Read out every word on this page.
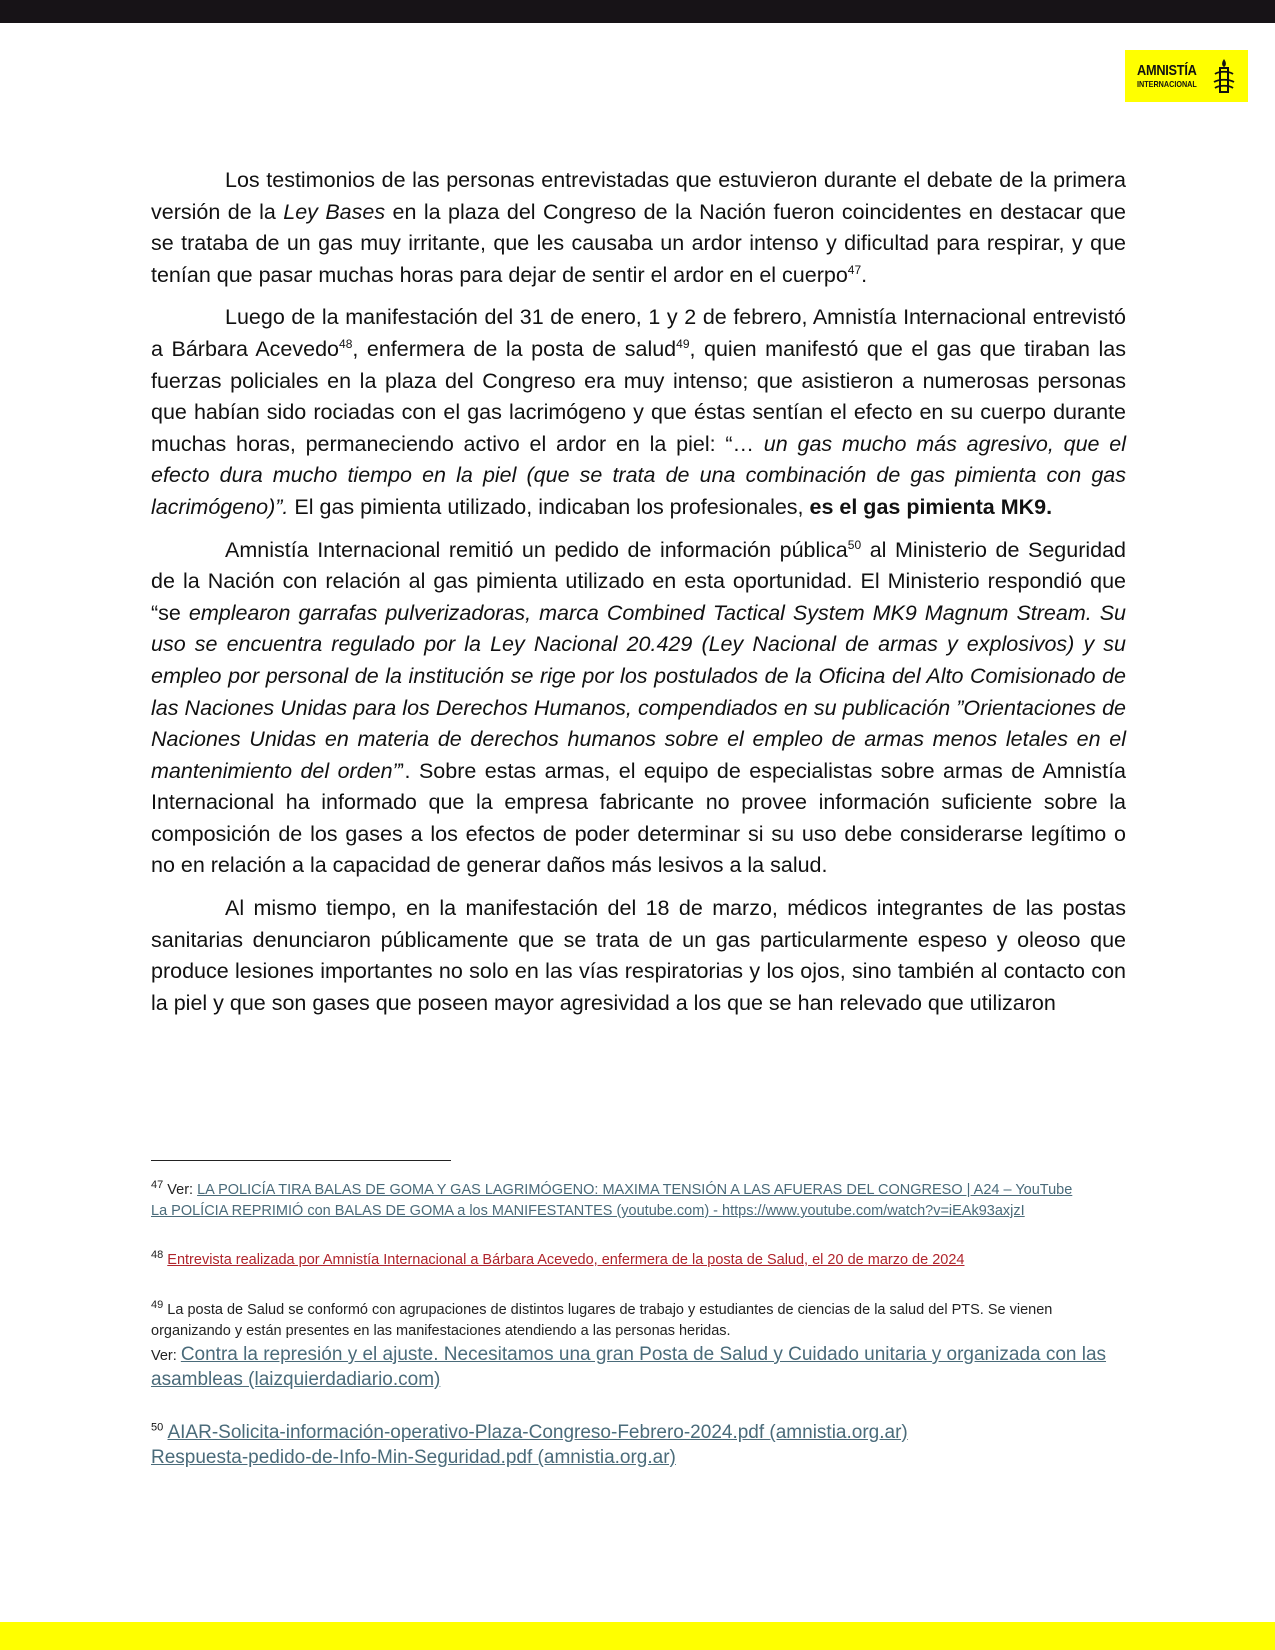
AMNISTÍA
INTERNACIONAL

Los testimonios de las personas entrevistadas que estuvieron durante el debate de la primera versión de la Ley Bases en la plaza del Congreso de la Nación fueron coincidentes en destacar que se trataba de un gas muy irritante, que les causaba un ardor intenso y dificultad para respirar, y que tenían que pasar muchas horas para dejar de sentir el ardor en el cuerpo$^{47}$.

Luego de la manifestación del 31 de enero, 1 y 2 de febrero, Amnistía Internacional entrevistó a Bárbara Acevedo$^{48}$, enfermera de la posta de salud$^{49}$, quien manifestó que el gas que tiraban las fuerzas policiales en la plaza del Congreso era muy intenso; que asistieron a numerosas personas que habían sido rociadas con el gas lacrimógeno y que éstas sentían el efecto en su cuerpo durante muchas horas, permaneciendo activo el ardor en la piel: “… un gas mucho más agresivo, que el efecto dura mucho tiempo en la piel (que se trata de una combinación de gas pimienta con gas lacrimógeno)”. El gas pimienta utilizado, indicaban los profesionales, es el gas pimienta MK9.

Amnistía Internacional remitió un pedido de información pública$^{50}$ al Ministerio de Seguridad de la Nación con relación al gas pimienta utilizado en esta oportunidad. El Ministerio respondió que “se emplearon garrafas pulverizadoras, marca Combined Tactical System MK9 Magnum Stream. Su uso se encuentra regulado por la Ley Nacional 20.429 (Ley Nacional de armas y explosivos) y su empleo por personal de la institución se rige por los postulados de la Oficina del Alto Comisionado de las Naciones Unidas para los Derechos Humanos, compendiados en su publicación ”Orientaciones de Naciones Unidas en materia de derechos humanos sobre el empleo de armas menos letales en el mantenimiento del orden”’. Sobre estas armas, el equipo de especialistas sobre armas de Amnistía Internacional ha informado que la empresa fabricante no provee información suficiente sobre la composición de los gases a los efectos de poder determinar si su uso debe considerarse legítimo o no en relación a la capacidad de generar daños más lesivos a la salud.

Al mismo tiempo, en la manifestación del 18 de marzo, médicos integrantes de las postas sanitarias denunciaron públicamente que se trata de un gas particularmente espeso y oleoso que produce lesiones importantes no solo en las vías respiratorias y los ojos, sino también al contacto con la piel y que son gases que poseen mayor agresividad a los que se han relevado que utilizaron

$^{47}$ Ver: LA POLICÍA TIRA BALAS DE GOMA Y GAS LAGRIMÓGENO: MAXIMA TENSIÓN A LAS AFUERAS DEL CONGRESO | A24 – YouTube
La POLÍCIA REPRIMIÓ con BALAS DE GOMA a los MANIFESTANTES (youtube.com) - https://www.youtube.com/watch?v=iEAk93axjzI
$^{48}$ Entrevista realizada por Amnistía Internacional a Bárbara Acevedo, enfermera de la posta de Salud, el 20 de marzo de 2024
$^{49}$ La posta de Salud se conformó con agrupaciones de distintos lugares de trabajo y estudiantes de ciencias de la salud del PTS. Se vienen organizando y están presentes en las manifestaciones atendiendo a las personas heridas.
Ver: Contra la represión y el ajuste. Necesitamos una gran Posta de Salud y Cuidado unitaria y organizada con las asambleas (laizquierdadiario.com)
$^{50}$ AIAR-Solicita-información-operativo-Plaza-Congreso-Febrero-2024.pdf (amnistia.org.ar)
Respuesta-pedido-de-Info-Min-Seguridad.pdf (amnistia.org.ar)
